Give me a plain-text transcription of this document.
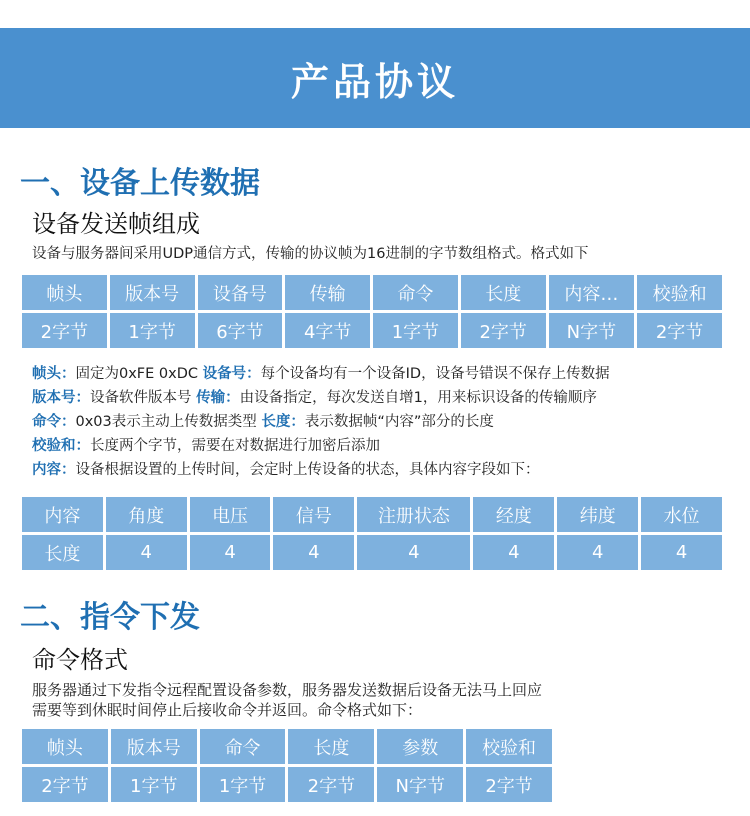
产品协议
一、设备上传数据
设备发送帧组成
设备与服务器间采用UDP通信方式，传输的协议帧为16进制的字节数组格式。格式如下
帧头	版本号	设备号	传输	命令	长度	内容…	校验和
2字节	1字节	6字节	4字节	1字节	2字节	N字节	2字节
帧头：固定为0xFE 0xDC 设备号：每个设备均有一个设备ID，设备号错误不保存上传数据
版本号：设备软件版本号 传输：由设备指定，每次发送自增1，用来标识设备的传输顺序
命令：0x03表示主动上传数据类型 长度：表示数据帧“内容”部分的长度
校验和：长度两个字节，需要在对数据进行加密后添加
内容：设备根据设置的上传时间，会定时上传设备的状态，具体内容字段如下：
内容	角度	电压	信号	注册状态	经度	纬度	水位
长度	4	4	4	4	4	4	4
二、指令下发
命令格式
服务器通过下发指令远程配置设备参数，服务器发送数据后设备无法马上回应
需要等到休眠时间停止后接收命令并返回。命令格式如下：
帧头	版本号	命令	长度	参数	校验和
2字节	1字节	1字节	2字节	N字节	2字节
